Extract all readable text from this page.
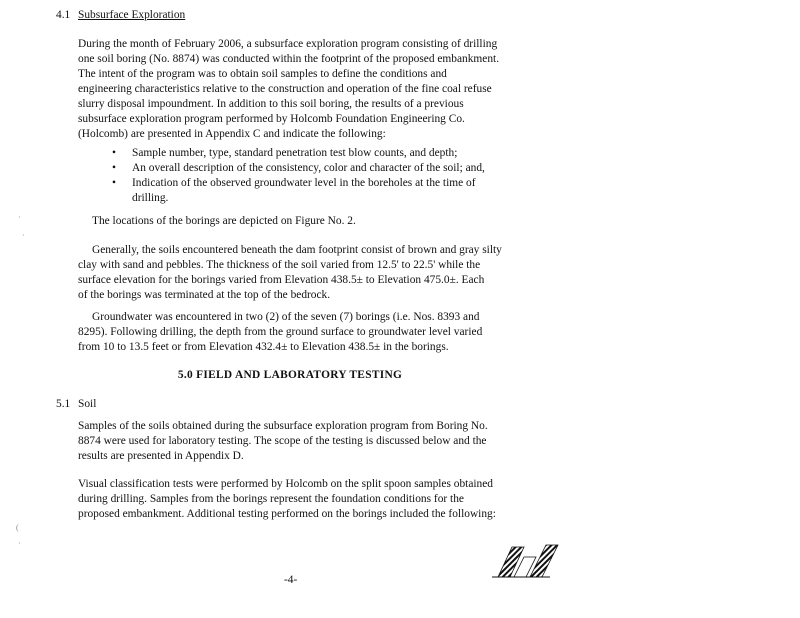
4.1 Subsurface Exploration
During the month of February 2006, a subsurface exploration program consisting of drilling
one soil boring (No. 8874) was conducted within the footprint of the proposed embankment.
The intent of the program was to obtain soil samples to define the conditions and
engineering characteristics relative to the construction and operation of the fine coal refuse
slurry disposal impoundment. In addition to this soil boring, the results of a previous
subsurface exploration program performed by Holcomb Foundation Engineering Co.
(Holcomb) are presented in Appendix C and indicate the following:
• Sample number, type, standard penetration test blow counts, and depth;
• An overall description of the consistency, color and character of the soil; and,
• Indication of the observed groundwater level in the boreholes at the time of
drilling.
The locations of the borings are depicted on Figure No. 2.
Generally, the soils encountered beneath the dam footprint consist of brown and gray silty
clay with sand and pebbles. The thickness of the soil varied from 12.5' to 22.5' while the
surface elevation for the borings varied from Elevation 438.5± to Elevation 475.0±. Each
of the borings was terminated at the top of the bedrock.
Groundwater was encountered in two (2) of the seven (7) borings (i.e. Nos. 8393 and
8295). Following drilling, the depth from the ground surface to groundwater level varied
from 10 to 13.5 feet or from Elevation 432.4± to Elevation 438.5± in the borings.
5.0 FIELD AND LABORATORY TESTING
5.1 Soil
Samples of the soils obtained during the subsurface exploration program from Boring No.
8874 were used for laboratory testing. The scope of the testing is discussed below and the
results are presented in Appendix D.
Visual classification tests were performed by Holcomb on the split spoon samples obtained
during drilling. Samples from the borings represent the foundation conditions for the
proposed embankment. Additional testing performed on the borings included the following:
·
·
(
·
-4-
